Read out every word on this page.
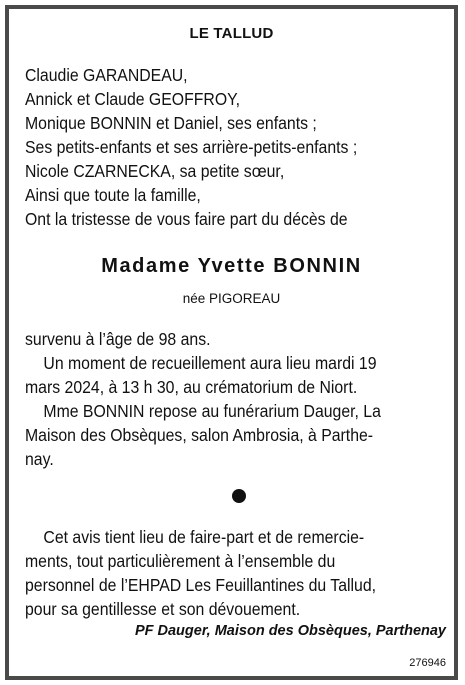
LE TALLUD
Claudie GARANDEAU,
Annick et Claude GEOFFROY,
Monique BONNIN et Daniel, ses enfants ;
Ses petits-enfants et ses arrière-petits-enfants ;
Nicole CZARNECKA, sa petite sœur,
Ainsi que toute la famille,
Ont la tristesse de vous faire part du décès de
Madame Yvette BONNIN
née PIGOREAU
survenu à l’âge de 98 ans.
Un moment de recueillement aura lieu mardi 19
mars 2024, à 13 h 30, au crématorium de Niort.
Mme BONNIN repose au funérarium Dauger, La
Maison des Obsèques, salon Ambrosia, à Parthe-
nay.
Cet avis tient lieu de faire-part et de remercie-
ments, tout particulièrement à l’ensemble du
personnel de l’EHPAD Les Feuillantines du Tallud,
pour sa gentillesse et son dévouement.
PF Dauger, Maison des Obsèques, Parthenay
276946
